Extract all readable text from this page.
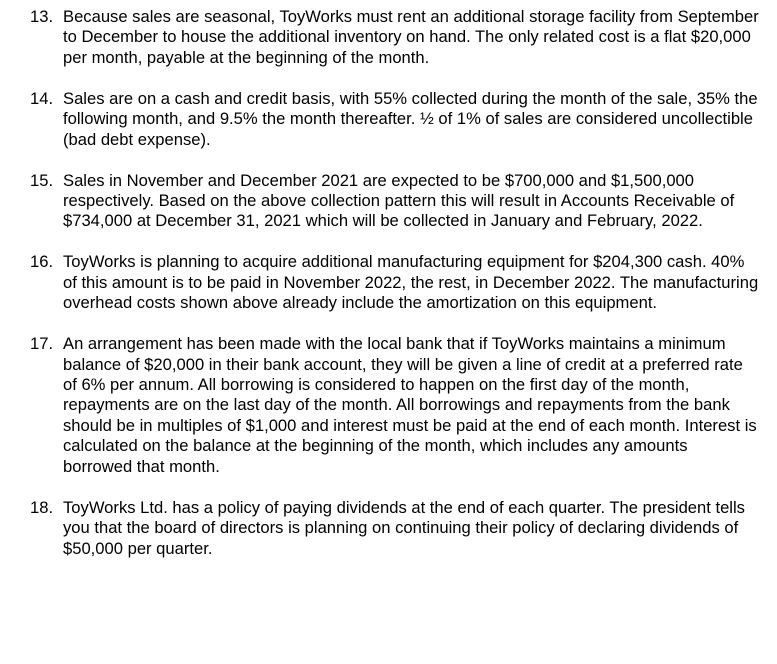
13. Because sales are seasonal, ToyWorks must rent an additional storage facility from September to December to house the additional inventory on hand. The only related cost is a flat $20,000 per month, payable at the beginning of the month.
14. Sales are on a cash and credit basis, with 55% collected during the month of the sale, 35% the following month, and 9.5% the month thereafter. ½ of 1% of sales are considered uncollectible (bad debt expense).
15. Sales in November and December 2021 are expected to be $700,000 and $1,500,000 respectively. Based on the above collection pattern this will result in Accounts Receivable of $734,000 at December 31, 2021 which will be collected in January and February, 2022.
16. ToyWorks is planning to acquire additional manufacturing equipment for $204,300 cash. 40% of this amount is to be paid in November 2022, the rest, in December 2022. The manufacturing overhead costs shown above already include the amortization on this equipment.
17. An arrangement has been made with the local bank that if ToyWorks maintains a minimum balance of $20,000 in their bank account, they will be given a line of credit at a preferred rate of 6% per annum. All borrowing is considered to happen on the first day of the month, repayments are on the last day of the month. All borrowings and repayments from the bank should be in multiples of $1,000 and interest must be paid at the end of each month. Interest is calculated on the balance at the beginning of the month, which includes any amounts borrowed that month.
18. ToyWorks Ltd. has a policy of paying dividends at the end of each quarter. The president tells you that the board of directors is planning on continuing their policy of declaring dividends of $50,000 per quarter.
